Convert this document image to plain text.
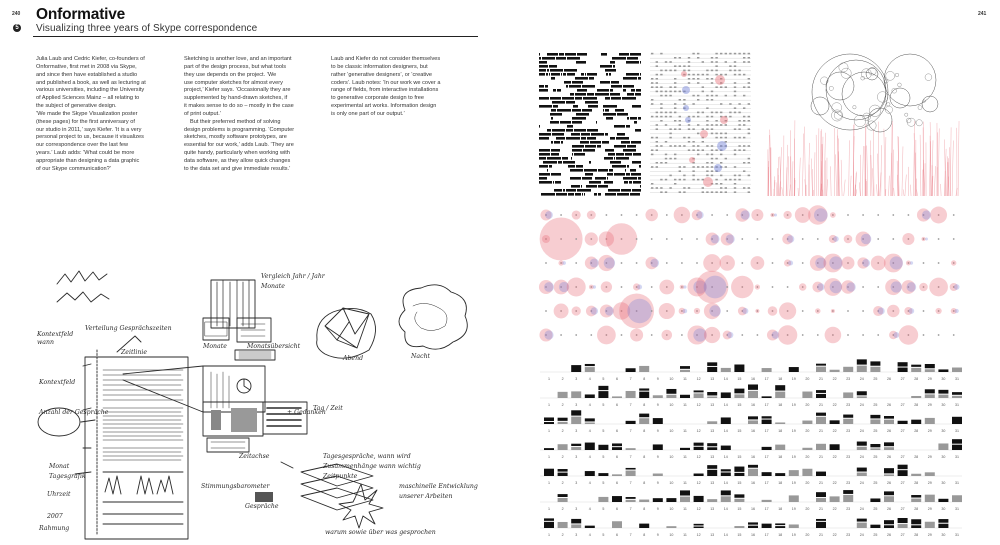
240	241
5
Onformative
Visualizing three years of Skype correspondence

Julia Laub and Cedric Kiefer, co-founders of

Onformative, first met in 2008 via Skype,

and since then have established a studio

and published a book, as well as lecturing at

various universities, including the University

of Applied Sciences Mainz – all relating to

the subject of generative design.

‘We made the Skype Visualization poster

(these pages) for the first anniversary of

our studio in 2011,’ says Kiefer. ‘It is a very

personal project to us, because it visualizes

our correspondence over the last few

years.’ Laub adds: ‘What could be more

appropriate than designing a data graphic

of our Skype communication?’

Sketching is another love, and an important

part of the design process, but what tools

they use depends on the project. ‘We

use computer sketches for almost every

project,’ Kiefer says. ‘Occasionally they are

supplemented by hand-drawn sketches, if

it makes sense to do so – mostly in the case

of print output.’

But their preferred method of solving

design problems is programming. ‘Computer

sketches, mostly software prototypes, are

essential for our work,’ adds Laub. ‘They are

quite handy, particularly when working with

data software, as they allow quick changes

to the data set and give immediate results.’

Laub and Kiefer do not consider themselves

to be classic information designers, but

rather ‘generative designers’, or ‘creative

coders’. Laub notes: ‘In our work we cover a

range of fields, from interactive installations

to generative corporate design to free

experimental art works. Information design

is only one part of our output.’

Kontextfeld
wann
Verteilung Gesprächszeiten
Kontextfeld
Zeitlinie
Anzahl der Gespräche
Monat
Tagesgrafik
Uhrzeit
2007
Rahmung
Vergleich Jahr / Jahr
Monate	Monatsübersicht
Stimmungsbarometer
Zeitachse	Tagesgespräche, wann wird
Zusammenhänge wann wichtig
Zeitpunkte
Abend	Nacht
+ Gedanken
maschinelle Entwicklung
unserer Arbeiten
warum sowie über was gesprochen
Tag / Zeit
Gespräche
Monate
1	2	3	4	5	6	7	8	9	10	11	12	13	14	15	16	17	18	19	20	21	22	23	24	25	26	27	28	29	30	31
1	2	3	4	5	6	7	8	9	10	11	12	13	14	15	16	17	18	19	20	21	22	23	24	25	26	27	28	29	30	31
1	2	3	4	5	6	7	8	9	10	11	12	13	14	15	16	17	18	19	20	21	22	23	24	25	26	27	28	29	30	31
1	2	3	4	5	6	7	8	9	10	11	12	13	14	15	16	17	18	19	20	21	22	23	24	25	26	27	28	29	30	31
1	2	3	4	5	6	7	8	9	10	11	12	13	14	15	16	17	18	19	20	21	22	23	24	25	26	27	28	29	30	31
1	2	3	4	5	6	7	8	9	10	11	12	13	14	15	16	17	18	19	20	21	22	23	24	25	26	27	28	29	30	31
1	2	3	4	5	6	7	8	9	10	11	12	13	14	15	16	17	18	19	20	21	22	23	24	25	26	27	28	29	30	31
